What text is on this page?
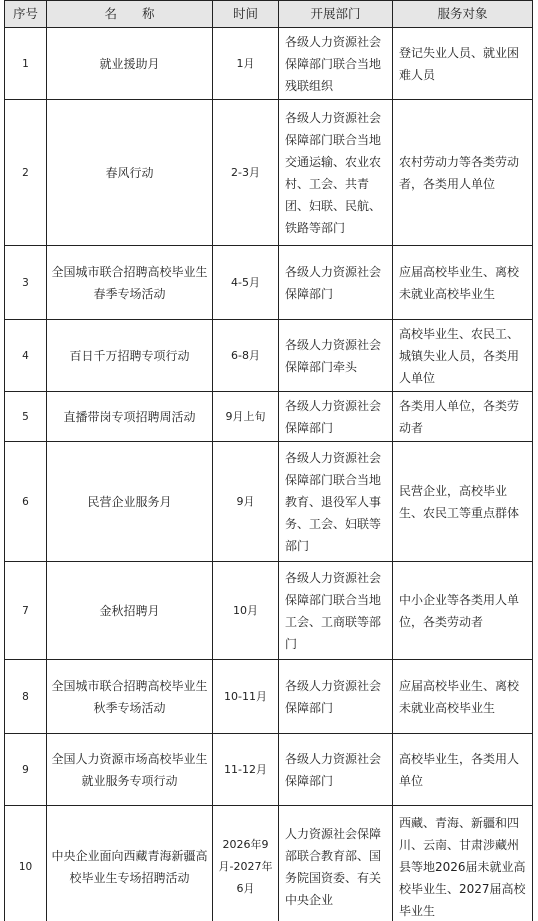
序号	名　　称	时间	开展部门	服务对象
1	就业援助月	1月	各级人力资源社会保障部门联合当地残联组织	登记失业人员、就业困难人员
2	春风行动	2-3月	各级人力资源社会保障部门联合当地交通运输、农业农村、工会、共青团、妇联、民航、铁路等部门	农村劳动力等各类劳动者，各类用人单位
3	全国城市联合招聘高校毕业生春季专场活动	4-5月	各级人力资源社会保障部门	应届高校毕业生、离校未就业高校毕业生
4	百日千万招聘专项行动	6-8月	各级人力资源社会保障部门牵头	高校毕业生、农民工、城镇失业人员，各类用人单位
5	直播带岗专项招聘周活动	9月上旬	各级人力资源社会保障部门	各类用人单位，各类劳动者
6	民营企业服务月	9月	各级人力资源社会保障部门联合当地教育、退役军人事务、工会、妇联等部门	民营企业，高校毕业生、农民工等重点群体
7	金秋招聘月	10月	各级人力资源社会保障部门联合当地工会、工商联等部门	中小企业等各类用人单位，各类劳动者
8	全国城市联合招聘高校毕业生秋季专场活动	10-11月	各级人力资源社会保障部门	应届高校毕业生、离校未就业高校毕业生
9	全国人力资源市场高校毕业生就业服务专项行动	11-12月	各级人力资源社会保障部门	高校毕业生，各类用人单位
10	中央企业面向西藏青海新疆高校毕业生专场招聘活动	2026年9月-2027年6月	人力资源社会保障部联合教育部、国务院国资委、有关中央企业	西藏、青海、新疆和四川、云南、甘肃涉藏州县等地2026届未就业高校毕业生、2027届高校毕业生
